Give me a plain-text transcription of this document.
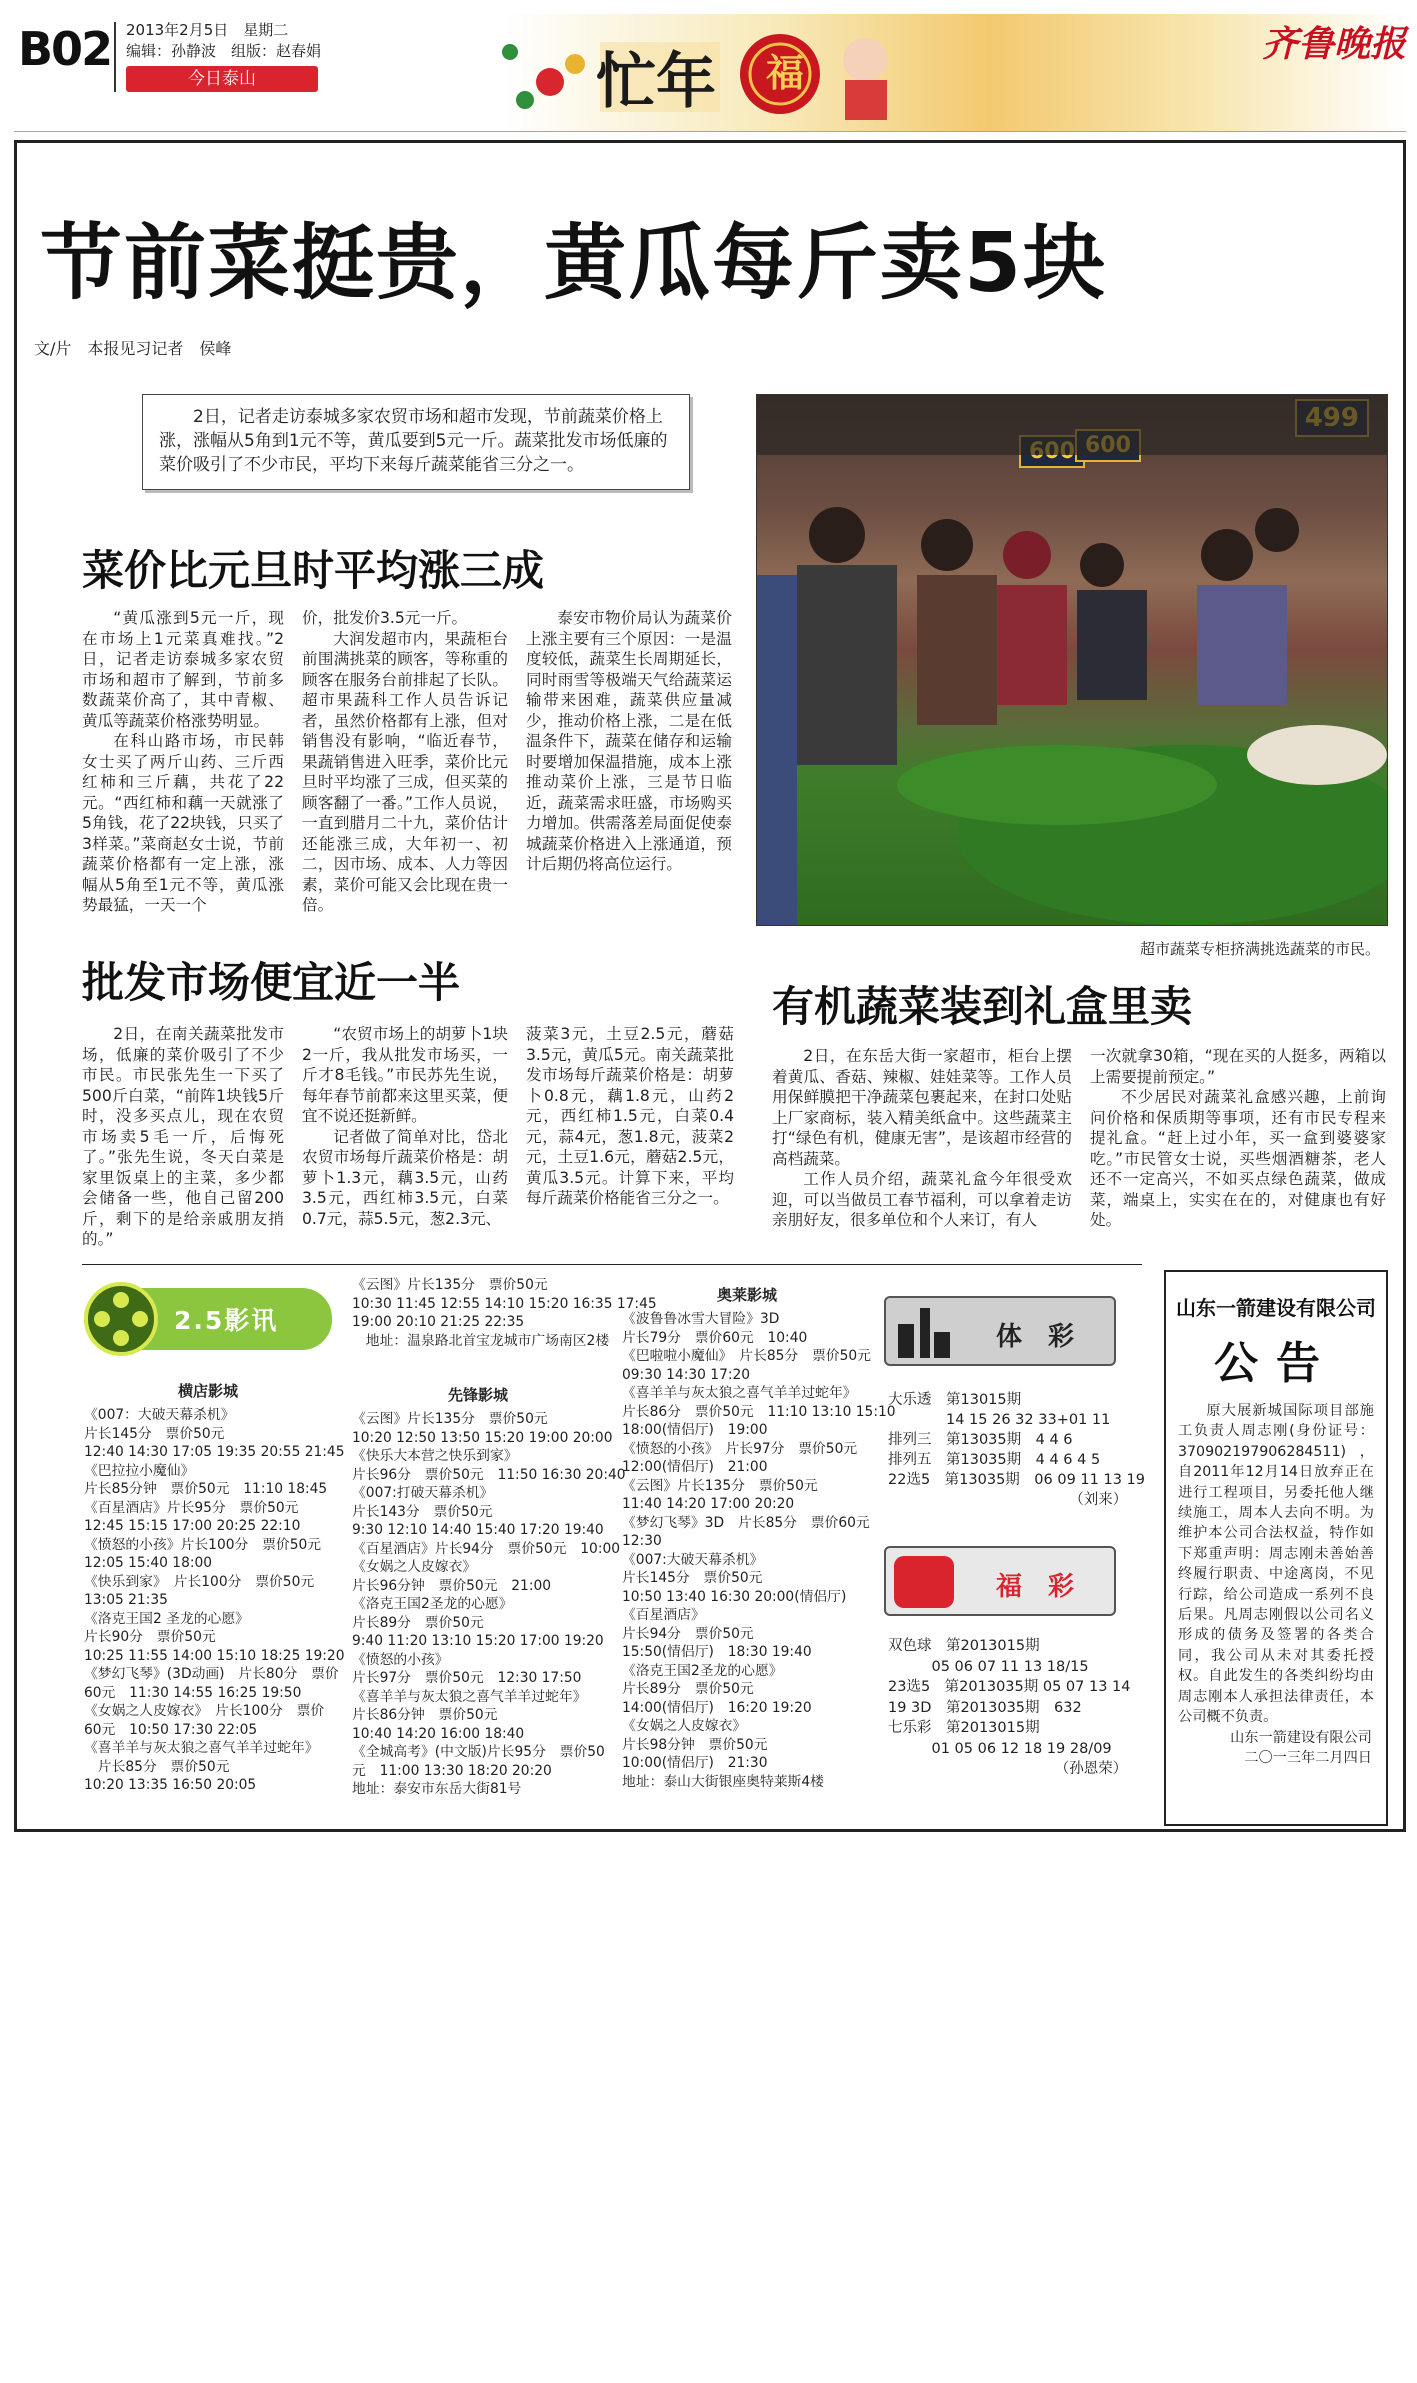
B02 2013年2月5日　星期二
编辑：孙静波　组版：赵春娟
今日泰山	忙年 福
齐鲁晚报
节前菜挺贵，黄瓜每斤卖5块
文/片　本报见习记者　侯峰
2日，记者走访泰城多家农贸市场和超市发现，节前蔬菜价格上涨，涨幅从5角到1元不等，黄瓜要到5元一斤。蔬菜批发市场低廉的菜价吸引了不少市民，平均下来每斤蔬菜能省三分之一。
超市蔬菜专柜挤满挑选蔬菜的市民。
菜价比元旦时平均涨三成

“黄瓜涨到5元一斤，现在市场上1元菜真难找。”2日，记者走访泰城多家农贸市场和超市了解到，节前多数蔬菜价高了，其中青椒、黄瓜等蔬菜价格涨势明显。

在科山路市场，市民韩女士买了两斤山药、三斤西红柿和三斤藕，共花了22元。“西红柿和藕一天就涨了5角钱，花了22块钱，只买了3样菜。”菜商赵女士说，节前蔬菜价格都有一定上涨，涨幅从5角至1元不等，黄瓜涨势最猛，一天一个

价，批发价3.5元一斤。

大润发超市内，果蔬柜台前围满挑菜的顾客，等称重的顾客在服务台前排起了长队。超市果蔬科工作人员告诉记者，虽然价格都有上涨，但对销售没有影响，“临近春节，果蔬销售进入旺季，菜价比元旦时平均涨了三成，但买菜的顾客翻了一番。”工作人员说，一直到腊月二十九，菜价估计还能涨三成，大年初一、初二，因市场、成本、人力等因素，菜价可能又会比现在贵一倍。

泰安市物价局认为蔬菜价上涨主要有三个原因：一是温度较低，蔬菜生长周期延长，同时雨雪等极端天气给蔬菜运输带来困难，蔬菜供应量减少，推动价格上涨，二是在低温条件下，蔬菜在储存和运输时要增加保温措施，成本上涨推动菜价上涨，三是节日临近，蔬菜需求旺盛，市场购买力增加。供需落差局面促使泰城蔬菜价格进入上涨通道，预计后期仍将高位运行。

批发市场便宜近一半

2日，在南关蔬菜批发市场，低廉的菜价吸引了不少市民。市民张先生一下买了500斤白菜，“前阵1块钱5斤时，没多买点儿，现在农贸市场卖5毛一斤，后悔死了。”张先生说，冬天白菜是家里饭桌上的主菜，多少都会储备一些，他自己留200斤，剩下的是给亲戚朋友捎的。”

“农贸市场上的胡萝卜1块2一斤，我从批发市场买，一斤才8毛钱。”市民苏先生说，每年春节前都来这里买菜，便宜不说还挺新鲜。

记者做了简单对比，岱北农贸市场每斤蔬菜价格是：胡萝卜1.3元，藕3.5元，山药3.5元，西红柿3.5元，白菜0.7元，蒜5.5元，葱2.3元、

菠菜3元，土豆2.5元，蘑菇3.5元，黄瓜5元。南关蔬菜批发市场每斤蔬菜价格是：胡萝卜0.8元，藕1.8元，山药2元，西红柿1.5元，白菜0.4元，蒜4元，葱1.8元，菠菜2元，土豆1.6元，蘑菇2.5元，黄瓜3.5元。计算下来，平均每斤蔬菜价格能省三分之一。

有机蔬菜装到礼盒里卖

2日，在东岳大街一家超市，柜台上摆着黄瓜、香菇、辣椒、娃娃菜等。工作人员用保鲜膜把干净蔬菜包裹起来，在封口处贴上厂家商标，装入精美纸盒中。这些蔬菜主打“绿色有机，健康无害”，是该超市经营的高档蔬菜。

工作人员介绍，蔬菜礼盒今年很受欢迎，可以当做员工春节福利，可以拿着走访亲朋好友，很多单位和个人来订，有人

一次就拿30箱，“现在买的人挺多，两箱以上需要提前预定。”

不少居民对蔬菜礼盒感兴趣，上前询问价格和保质期等事项，还有市民专程来提礼盒。“赶上过小年，买一盒到婆婆家吃。”市民管女士说，买些烟酒糖茶，老人还不一定高兴，不如买点绿色蔬菜，做成菜，端桌上，实实在在的，对健康也有好处。

2.5影讯
横店影城
《007：大破天幕杀机》
片长145分　票价50元
12:40 14:30 17:05 19:35 20:55 21:45
《巴拉拉小魔仙》
片长85分钟　票价50元　11:10 18:45
《百星酒店》片长95分　票价50元
12:45 15:15 17:00 20:25 22:10
《愤怒的小孩》片长100分　票价50元
12:05 15:40 18:00
《快乐到家》　片长100分　票价50元
13:05 21:35
《洛克王国2 圣龙的心愿》
片长90分　票价50元
10:25 11:55 14:00 15:10 18:25 19:20
《梦幻飞琴》(3D动画)　片长80分　票价60元　11:30 14:55 16:25 19:50
《女娲之人皮嫁衣》　片长100分　票价60元　10:50 17:30 22:05
《喜羊羊与灰太狼之喜气羊羊过蛇年》
　片长85分　票价50元
10:20 13:35 16:50 20:05
《云图》片长135分　票价50元
10:30 11:45 12:55 14:10 15:20 16:35 17:45
19:00 20:10 21:25 22:35
　地址：温泉路北首宝龙城市广场南区2楼
先锋影城
《云图》片长135分　票价50元
10:20 12:50 13:50 15:20 19:00 20:00
《快乐大本营之快乐到家》
片长96分　票价50元　11:50 16:30 20:40
《007:打破天幕杀机》
片长143分　票价50元
9:30 12:10 14:40 15:40 17:20 19:40
《百星酒店》片长94分　票价50元　10:00
《女娲之人皮嫁衣》
片长96分钟　票价50元　21:00
《洛克王国2圣龙的心愿》
片长89分　票价50元
9:40 11:20 13:10 15:20 17:00 19:20
《愤怒的小孩》
片长97分　票价50元　12:30 17:50
《喜羊羊与灰太狼之喜气羊羊过蛇年》
片长86分钟　票价50元
10:40 14:20 16:00 18:40
《全城高考》(中文版)片长95分　票价50元　11:00 13:30 18:20 20:20
地址：泰安市东岳大街81号
奥莱影城
《波鲁鲁冰雪大冒险》3D
片长79分　票价60元　10:40
《巴啦啦小魔仙》　片长85分　票价50元
09:30 14:30 17:20
《喜羊羊与灰太狼之喜气羊羊过蛇年》
片长86分　票价50元　11:10 13:10 15:10
18:00(情侣厅)　19:00
《愤怒的小孩》　片长97分　票价50元
12:00(情侣厅)　21:00
《云图》片长135分　票价50元
11:40 14:20 17:00 20:20
《梦幻飞琴》3D　片长85分　票价60元
12:30
《007:大破天幕杀机》
片长145分　票价50元
10:50 13:40 16:30 20:00(情侣厅)
《百星酒店》
片长94分　票价50元
15:50(情侣厅)　18:30 19:40
《洛克王国2圣龙的心愿》
片长89分　票价50元
14:00(情侣厅)　16:20 19:20
《女娲之人皮嫁衣》
片长98分钟　票价50元
10:00(情侣厅)　21:30
地址：泰山大街银座奥特莱斯4楼
体　彩
大乐透　第13015期
　　　　14 15 26 32 33+01 11
排列三　第13035期　4 4 6
排列五　第13035期　4 4 6 4 5
22选5　第13035期　06 09 11 13 19
　　　　　　　　　　　　　（刘来）
福　彩
双色球　第2013015期
　　　05 06 07 11 13 18/15
23选5　第2013035期 05 07 13 14
19 3D　第2013035期　632
七乐彩　第2013015期
　　　01 05 06 12 18 19 28/09
　　　　　　　　　　　　（孙恩荣）
山东一箭建设有限公司
公告
原大展新城国际项目部施工负责人周志刚(身份证号：370902197906284511)，自2011年12月14日放弃正在进行工程项目，另委托他人继续施工，周本人去向不明。为维护本公司合法权益，特作如下郑重声明：周志刚未善始善终履行职责、中途离岗，不见行踪，给公司造成一系列不良后果。凡周志刚假以公司名义形成的债务及签署的各类合同，我公司从未对其委托授权。自此发生的各类纠纷均由周志刚本人承担法律责任，本公司概不负责。
山东一箭建设有限公司
二〇一三年二月四日
